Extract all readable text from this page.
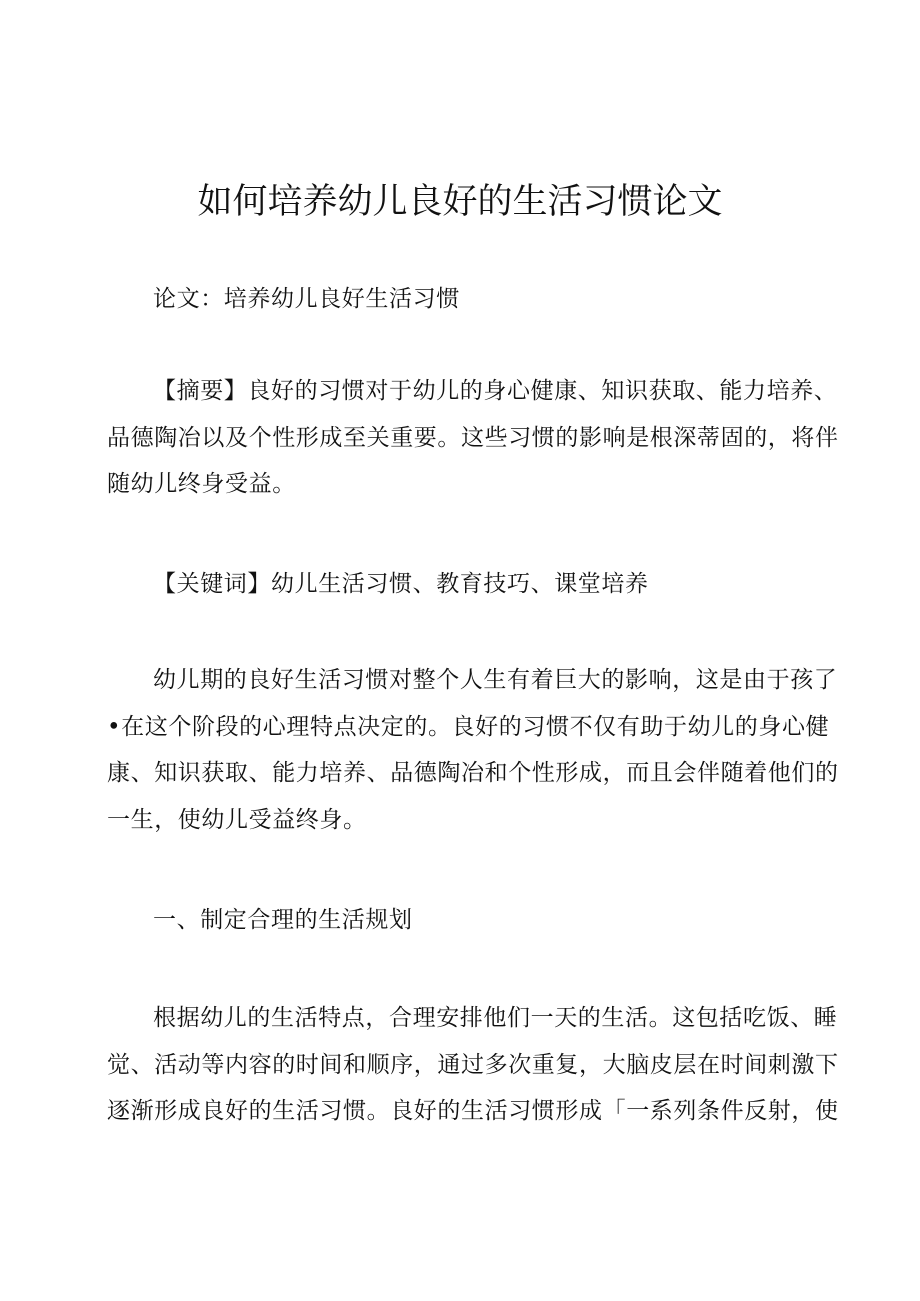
如何培养幼儿良好的生活习惯论文

论文：培养幼儿良好生活习惯

【摘要】良好的习惯对于幼儿的身心健康、知识获取、能力培养、
品德陶冶以及个性形成至关重要。这些习惯的影响是根深蒂固的，将伴
随幼儿终身受益。

【关键词】幼儿生活习惯、教育技巧、课堂培养

幼儿期的良好生活习惯对整个人生有着巨大的影响，这是由于孩了
•在这个阶段的心理特点决定的。良好的习惯不仅有助于幼儿的身心健
康、知识获取、能力培养、品德陶冶和个性形成，而且会伴随着他们的
一生，使幼儿受益终身。

一、制定合理的生活规划

根据幼儿的生活特点，合理安排他们一天的生活。这包括吃饭、睡
觉、活动等内容的时间和顺序，通过多次重复，大脑皮层在时间刺激下
逐渐形成良好的生活习惯。良好的生活习惯形成「一系列条件反射，使
